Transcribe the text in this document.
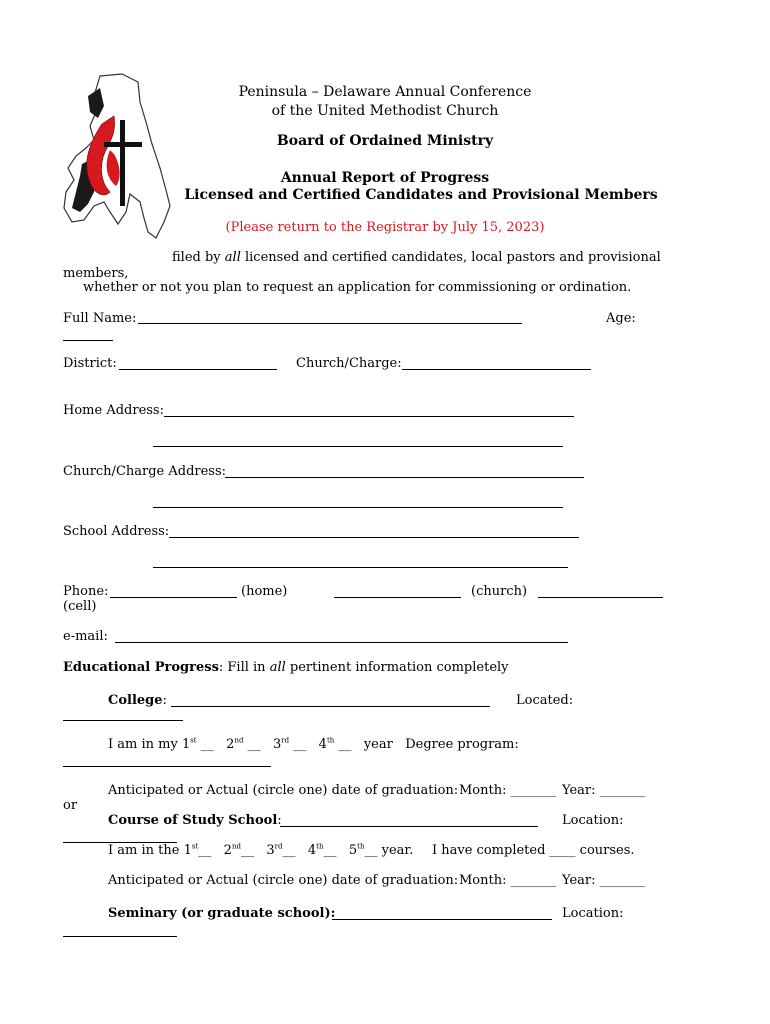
Peninsula – Delaware Annual Conference
of the United Methodist Church
Board of Ordained Ministry
Annual Report of Progress
Licensed and Certified Candidates and Provisional Members
(Please return to the Registrar by July 15, 2023)
filed by all licensed and certified candidates, local pastors and provisional
members,
whether or not you plan to request an application for commissioning or ordination.
Full Name:	Age:
District:	Church/Charge:
Home Address:
Church/Charge Address:
School Address:
Phone:	(home)	(church)
(cell)
e-mail:
Educational Progress: Fill in all pertinent information completely
College:	Located:
I am in my 1st __ 2nd __ 3rd __ 4th __ year Degree program:
Anticipated or Actual (circle one) date of graduation: Month: _______ Year: _______
or
Course of Study School:	Location:
I am in the 1st__ 2nd__ 3rd__ 4th__ 5th__ year. I have completed ____ courses.
Anticipated or Actual (circle one) date of graduation: Month: _______ Year: _______
Seminary (or graduate school):	Location:
